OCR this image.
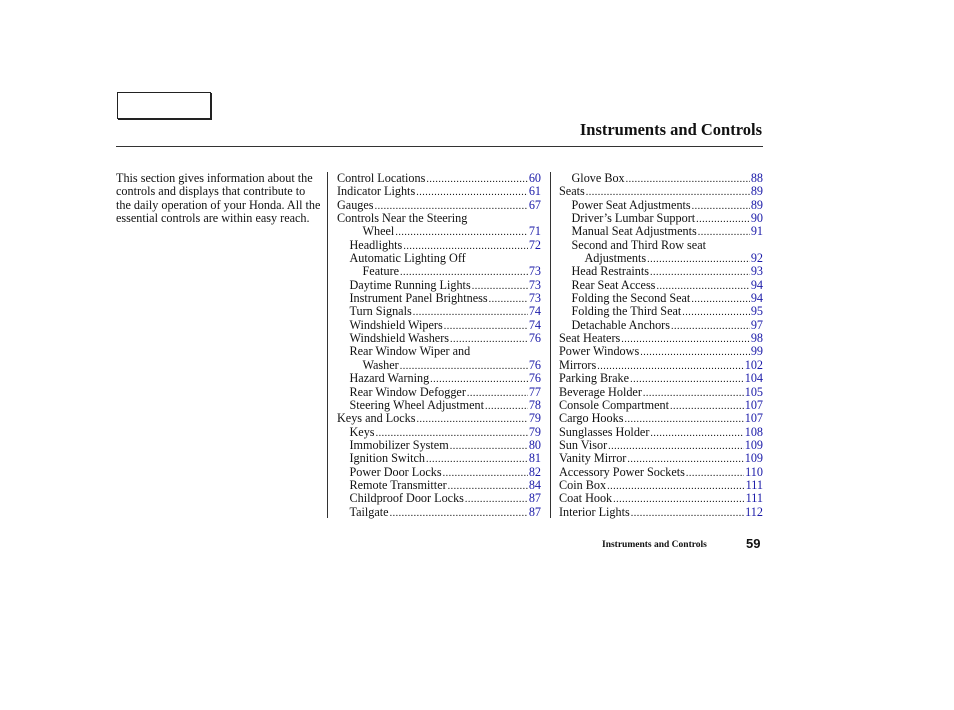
Instruments and Controls
This section gives information about the controls and displays that contribute to the daily operation of your Honda. All the essential controls are within easy reach.
Control Locations .....	60
Indicator Lights .....	61
Gauges .....	67
Controls Near the Steering
Wheel .....	71
Headlights .....	72
Automatic Lighting Off
Feature .....	73
Daytime Running Lights .....	73
Instrument Panel Brightness .....	73
Turn Signals .....	74
Windshield Wipers .....	74
Windshield Washers .....	76
Rear Window Wiper and
Washer .....	76
Hazard Warning .....	76
Rear Window Defogger .....	77
Steering Wheel Adjustment .....	78
Keys and Locks .....	79
Keys .....	79
Immobilizer System .....	80
Ignition Switch .....	81
Power Door Locks .....	82
Remote Transmitter .....	84
Childproof Door Locks .....	87
Tailgate .....	87
Glove Box .....	88
Seats .....	89
Power Seat Adjustments .....	89
Driver’s Lumbar Support .....	90
Manual Seat Adjustments .....	91
Second and Third Row seat
Adjustments .....	92
Head Restraints .....	93
Rear Seat Access .....	94
Folding the Second Seat .....	94
Folding the Third Seat .....	95
Detachable Anchors .....	97
Seat Heaters .....	98
Power Windows .....	99
Mirrors .....	102
Parking Brake .....	104
Beverage Holder .....	105
Console Compartment .....	107
Cargo Hooks .....	107
Sunglasses Holder .....	108
Sun Visor .....	109
Vanity Mirror .....	109
Accessory Power Sockets .....	110
Coin Box .....	111
Coat Hook .....	111
Interior Lights .....	112
Instruments and Controls	59
